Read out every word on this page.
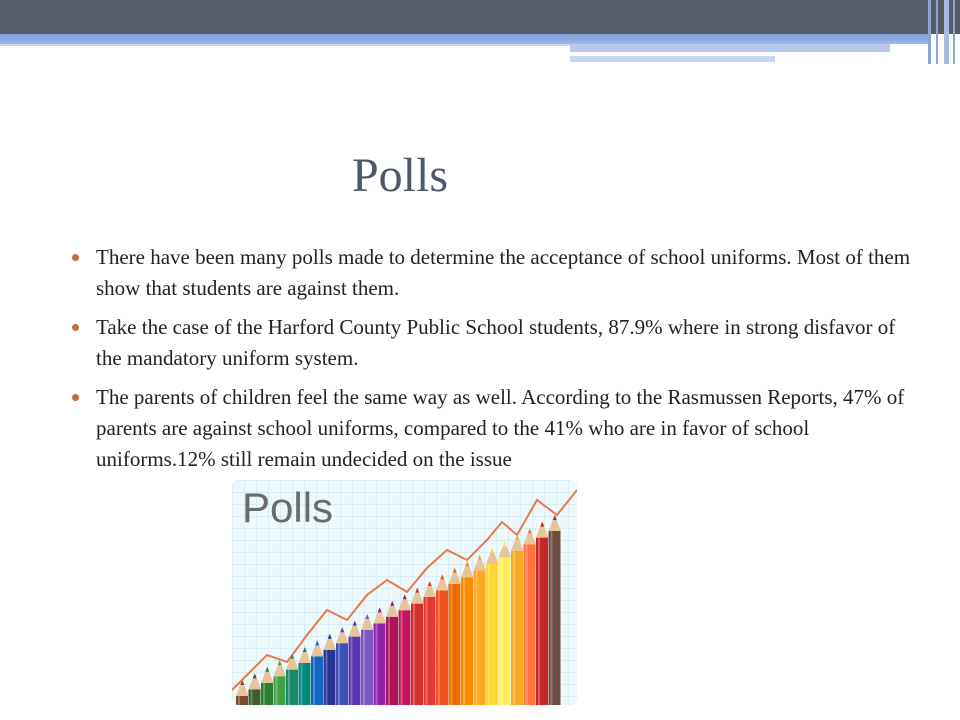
Polls
There have been many polls made to determine the acceptance of school uniforms. Most of them show that students are against them.
Take the case of the Harford County Public School students, 87.9% where in strong disfavor of the mandatory uniform system.
The parents of children feel the same way as well. According to the Rasmussen Reports, 47% of parents are against school uniforms, compared to the 41% who are in favor of school uniforms.12% still remain undecided on the issue
Polls
